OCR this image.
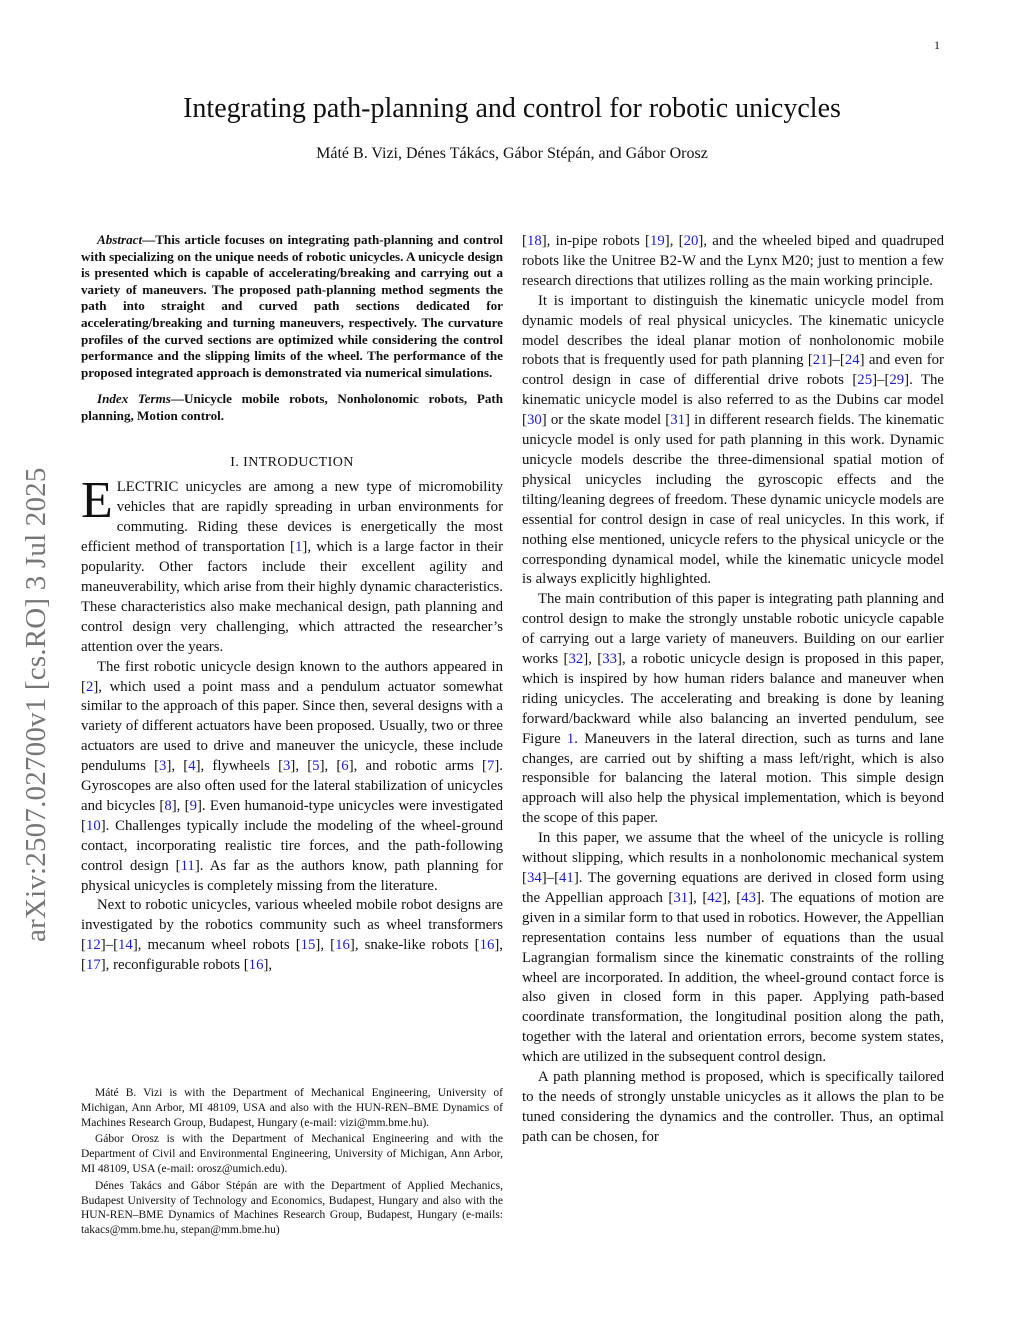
1
arXiv:2507.02700v1 [cs.RO] 3 Jul 2025
Integrating path-planning and control for robotic unicycles
Máté B. Vizi, Dénes Tákács, Gábor Stépán, and Gábor Orosz

Abstract—This article focuses on integrating path-planning and control with specializing on the unique needs of robotic unicycles. A unicycle design is presented which is capable of accelerating/breaking and carrying out a variety of maneuvers. The proposed path-planning method segments the path into straight and curved path sections dedicated for accelerating/breaking and turning maneuvers, respectively. The curvature profiles of the curved sections are optimized while considering the control performance and the slipping limits of the wheel. The performance of the proposed integrated approach is demonstrated via numerical simulations.

Index Terms—Unicycle mobile robots, Nonholonomic robots, Path planning, Motion control.

I. INTRODUCTION

ELECTRIC unicycles are among a new type of micromobility vehicles that are rapidly spreading in urban environments for commuting. Riding these devices is energetically the most efficient method of transportation [1], which is a large factor in their popularity. Other factors include their excellent agility and maneuverability, which arise from their highly dynamic characteristics. These characteristics also make mechanical design, path planning and control design very challenging, which attracted the researcher’s attention over the years.

The first robotic unicycle design known to the authors appeared in [2], which used a point mass and a pendulum actuator somewhat similar to the approach of this paper. Since then, several designs with a variety of different actuators have been proposed. Usually, two or three actuators are used to drive and maneuver the unicycle, these include pendulums [3], [4], flywheels [3], [5], [6], and robotic arms [7]. Gyroscopes are also often used for the lateral stabilization of unicycles and bicycles [8], [9]. Even humanoid-type unicycles were investigated [10]. Challenges typically include the modeling of the wheel-ground contact, incorporating realistic tire forces, and the path-following control design [11]. As far as the authors know, path planning for physical unicycles is completely missing from the literature.

Next to robotic unicycles, various wheeled mobile robot designs are investigated by the robotics community such as wheel transformers [12]–[14], mecanum wheel robots [15], [16], snake-like robots [16], [17], reconfigurable robots [16],

[18], in-pipe robots [19], [20], and the wheeled biped and quadruped robots like the Unitree B2-W and the Lynx M20; just to mention a few research directions that utilizes rolling as the main working principle.

It is important to distinguish the kinematic unicycle model from dynamic models of real physical unicycles. The kinematic unicycle model describes the ideal planar motion of nonholonomic mobile robots that is frequently used for path planning [21]–[24] and even for control design in case of differential drive robots [25]–[29]. The kinematic unicycle model is also referred to as the Dubins car model [30] or the skate model [31] in different research fields. The kinematic unicycle model is only used for path planning in this work. Dynamic unicycle models describe the three-dimensional spatial motion of physical unicycles including the gyroscopic effects and the tilting/leaning degrees of freedom. These dynamic unicycle models are essential for control design in case of real unicycles. In this work, if nothing else mentioned, unicycle refers to the physical unicycle or the corresponding dynamical model, while the kinematic unicycle model is always explicitly highlighted.

The main contribution of this paper is integrating path planning and control design to make the strongly unstable robotic unicycle capable of carrying out a large variety of maneuvers. Building on our earlier works [32], [33], a robotic unicycle design is proposed in this paper, which is inspired by how human riders balance and maneuver when riding unicycles. The accelerating and breaking is done by leaning forward/backward while also balancing an inverted pendulum, see Figure 1. Maneuvers in the lateral direction, such as turns and lane changes, are carried out by shifting a mass left/right, which is also responsible for balancing the lateral motion. This simple design approach will also help the physical implementation, which is beyond the scope of this paper.

In this paper, we assume that the wheel of the unicycle is rolling without slipping, which results in a nonholonomic mechanical system [34]–[41]. The governing equations are derived in closed form using the Appellian approach [31], [42], [43]. The equations of motion are given in a similar form to that used in robotics. However, the Appellian representation contains less number of equations than the usual Lagrangian formalism since the kinematic constraints of the rolling wheel are incorporated. In addition, the wheel-ground contact force is also given in closed form in this paper. Applying path-based coordinate transformation, the longitudinal position along the path, together with the lateral and orientation errors, become system states, which are utilized in the subsequent control design.

A path planning method is proposed, which is specifically tailored to the needs of strongly unstable unicycles as it allows the plan to be tuned considering the dynamics and the controller. Thus, an optimal path can be chosen, for

Máté B. Vizi is with the Department of Mechanical Engineering, University of Michigan, Ann Arbor, MI 48109, USA and also with the HUN-REN–BME Dynamics of Machines Research Group, Budapest, Hungary (e-mail: vizi@mm.bme.hu).

Gábor Orosz is with the Department of Mechanical Engineering and with the Department of Civil and Environmental Engineering, University of Michigan, Ann Arbor, MI 48109, USA (e-mail: orosz@umich.edu).

Dénes Takács and Gábor Stépán are with the Department of Applied Mechanics, Budapest University of Technology and Economics, Budapest, Hungary and also with the HUN-REN–BME Dynamics of Machines Research Group, Budapest, Hungary (e-mails: takacs@mm.bme.hu, stepan@mm.bme.hu)
